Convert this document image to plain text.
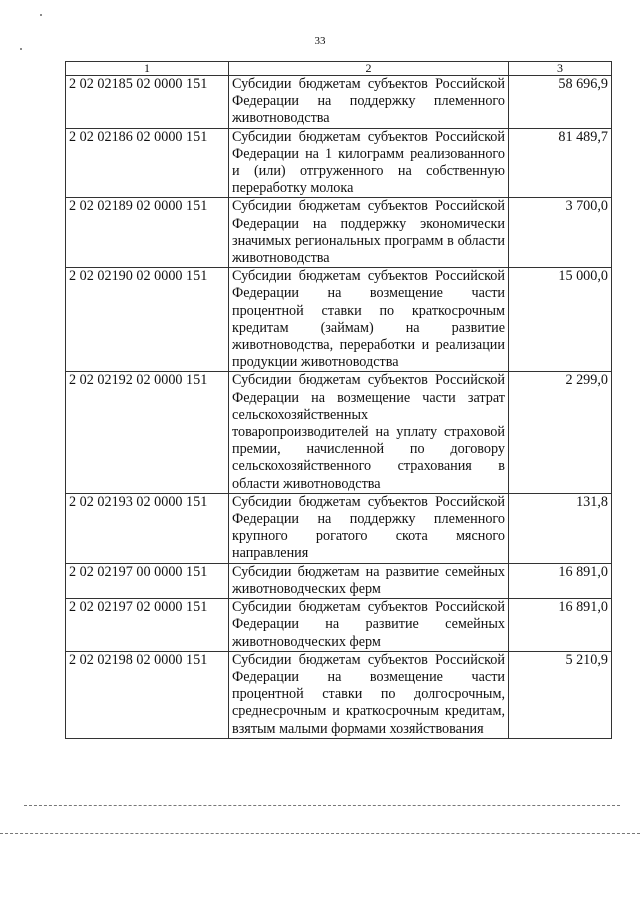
33
1	2	3
2 02 02185 02 0000 151	Субсидии бюджетам субъектов Российской Федерации на поддержку племенного животноводства	58 696,9
2 02 02186 02 0000 151	Субсидии бюджетам субъектов Российской Федерации на 1 килограмм реализованного и (или) отгруженного на собственную переработку молока	81 489,7
2 02 02189 02 0000 151	Субсидии бюджетам субъектов Российской Федерации на поддержку экономически значимых региональных программ в области животноводства	3 700,0
2 02 02190 02 0000 151	Субсидии бюджетам субъектов Российской Федерации на возмещение части процентной ставки по краткосрочным кредитам (займам) на развитие животноводства, переработки и реализации продукции животноводства	15 000,0
2 02 02192 02 0000 151	Субсидии бюджетам субъектов Российской Федерации на возмещение части затрат сельскохозяйственных товаропроизводителей на уплату страховой премии, начисленной по договору сельскохозяйственного страхования в области животноводства	2 299,0
2 02 02193 02 0000 151	Субсидии бюджетам субъектов Российской Федерации на поддержку племенного крупного рогатого скота мясного направления	131,8
2 02 02197 00 0000 151	Субсидии бюджетам на развитие семейных животноводческих ферм	16 891,0
2 02 02197 02 0000 151	Субсидии бюджетам субъектов Российской Федерации на развитие семейных животноводческих ферм	16 891,0
2 02 02198 02 0000 151	Субсидии бюджетам субъектов Российской Федерации на возмещение части процентной ставки по долгосрочным, среднесрочным и краткосрочным кредитам, взятым малыми формами хозяйствования	5 210,9
